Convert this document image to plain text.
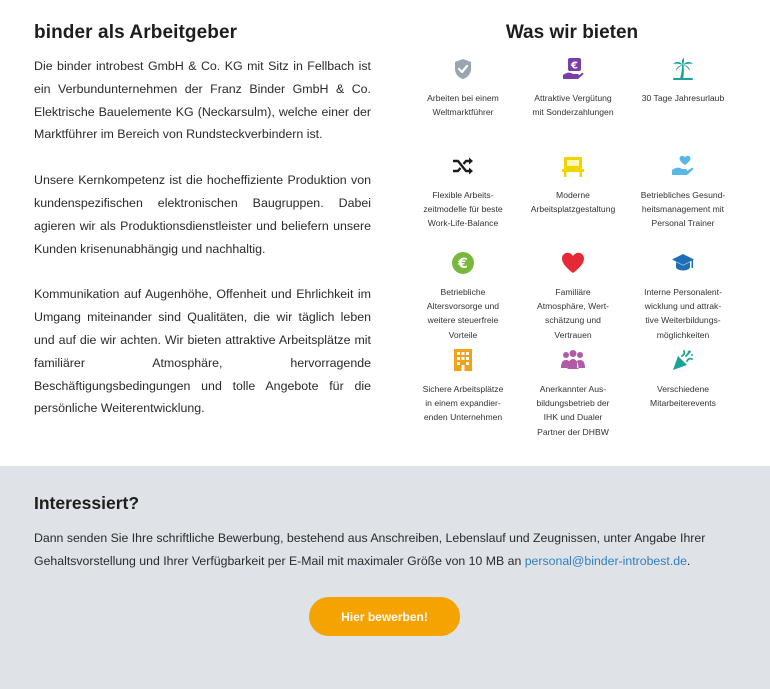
binder als Arbeitgeber

Die binder introbest GmbH & Co. KG mit Sitz in Fellbach ist ein Verbundunternehmen der Franz Binder GmbH & Co. Elektrische Bauelemente KG (Neckarsulm), welche einer der Marktführer im Bereich von Rundsteckverbindern ist.

Unsere Kernkompetenz ist die hocheffiziente Produktion von kundenspezifischen elektronischen Baugruppen. Dabei agieren wir als Produktionsdienstleister und beliefern unsere Kunden krisenunabhängig und nachhaltig.

Kommunikation auf Augenhöhe, Offenheit und Ehrlichkeit im Umgang miteinander sind Qualitäten, die wir täglich leben und auf die wir achten. Wir bieten attraktive Arbeitsplätze mit familiärer Atmosphäre, hervorragende Beschäftigungsbedingungen und tolle Angebote für die persönliche Weiterentwicklung.

Was wir bieten
Arbeiten bei einem
Weltmarktführer
€
Attraktive Vergütung
mit Sonderzahlungen
30 Tage Jahresurlaub
Flexible Arbeits-
zeitmodelle für beste
Work-Life-Balance
Moderne
Arbeitsplatzgestaltung
Betriebliches Gesund-
heitsmanagement mit
Personal Trainer
€
Betriebliche
Altersvorsorge und
weitere steuerfreie
Vorteile
Familiäre
Atmosphäre, Wert-
schätzung und
Vertrauen
Interne Personalent-
wicklung und attrak-
tive Weiterbildungs-
möglichkeiten
Sichere Arbeitsplätze
in einem expandier-
enden Unternehmen
Anerkannter Aus-
bildungsbetrieb der
IHK und Dualer
Partner der DHBW
Verschiedene
Mitarbeiterevents
Interessiert?
Dann senden Sie Ihre schriftliche Bewerbung, bestehend aus Anschreiben, Lebenslauf und Zeugnissen, unter Angabe Ihrer Gehaltsvorstellung und Ihrer Verfügbarkeit per E-Mail mit maximaler Größe von 10 MB an personal@binder-introbest.de.
Hier bewerben!
